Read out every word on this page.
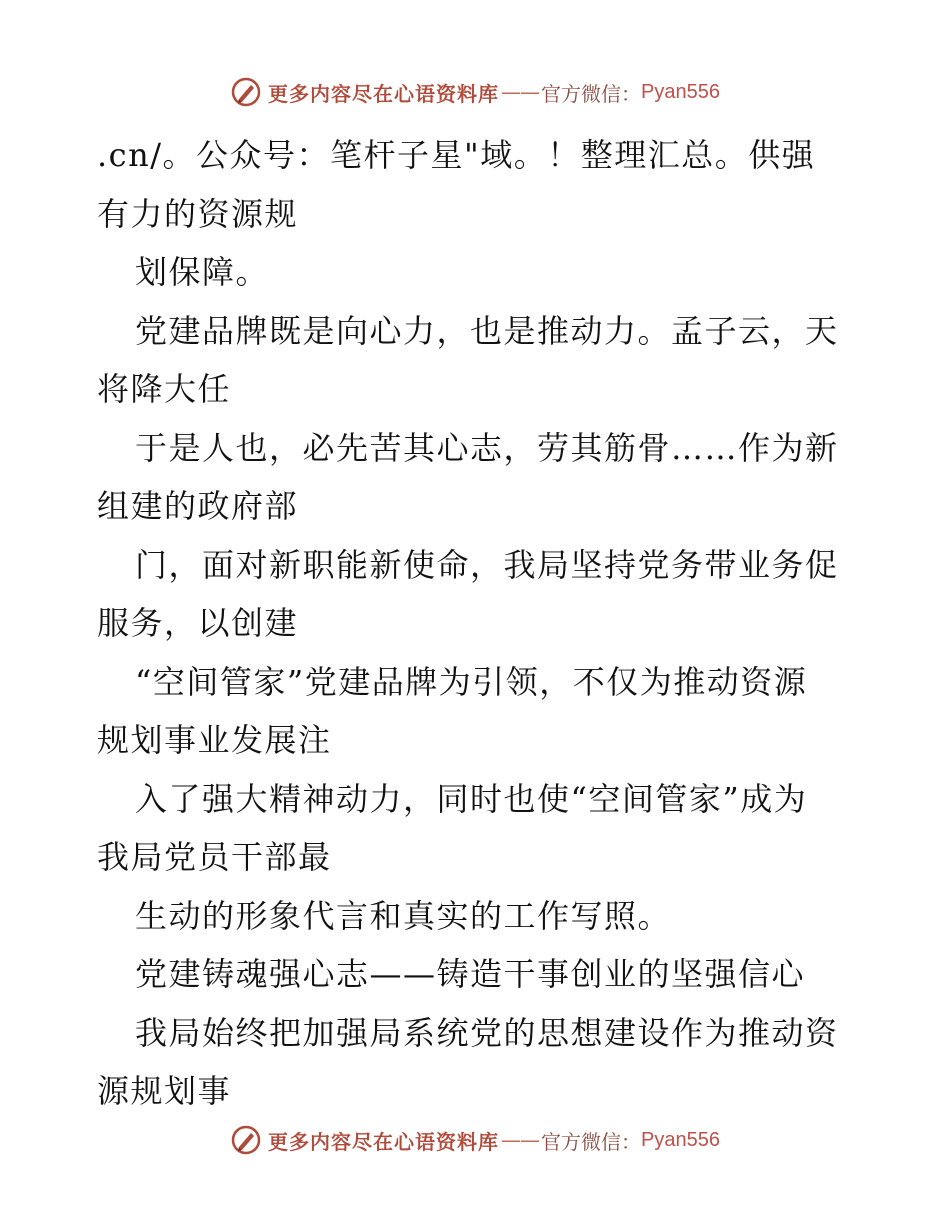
更多内容尽在心语资料库 —— 官方微信： Pyan556
.cn/。公众号：笔杆子星"域。！整理汇总。供强
有力的资源规
划保障。
党建品牌既是向心力，也是推动力。孟子云，天
将降大任
于是人也，必先苦其心志，劳其筋骨……作为新
组建的政府部
门，面对新职能新使命，我局坚持党务带业务促
服务，以创建
“空间管家”党建品牌为引领，不仅为推动资源
规划事业发展注
入了强大精神动力，同时也使“空间管家”成为
我局党员干部最
生动的形象代言和真实的工作写照。
党建铸魂强心志——铸造干事创业的坚强信心
我局始终把加强局系统党的思想建设作为推动资
源规划事
更多内容尽在心语资料库 —— 官方微信： Pyan556
